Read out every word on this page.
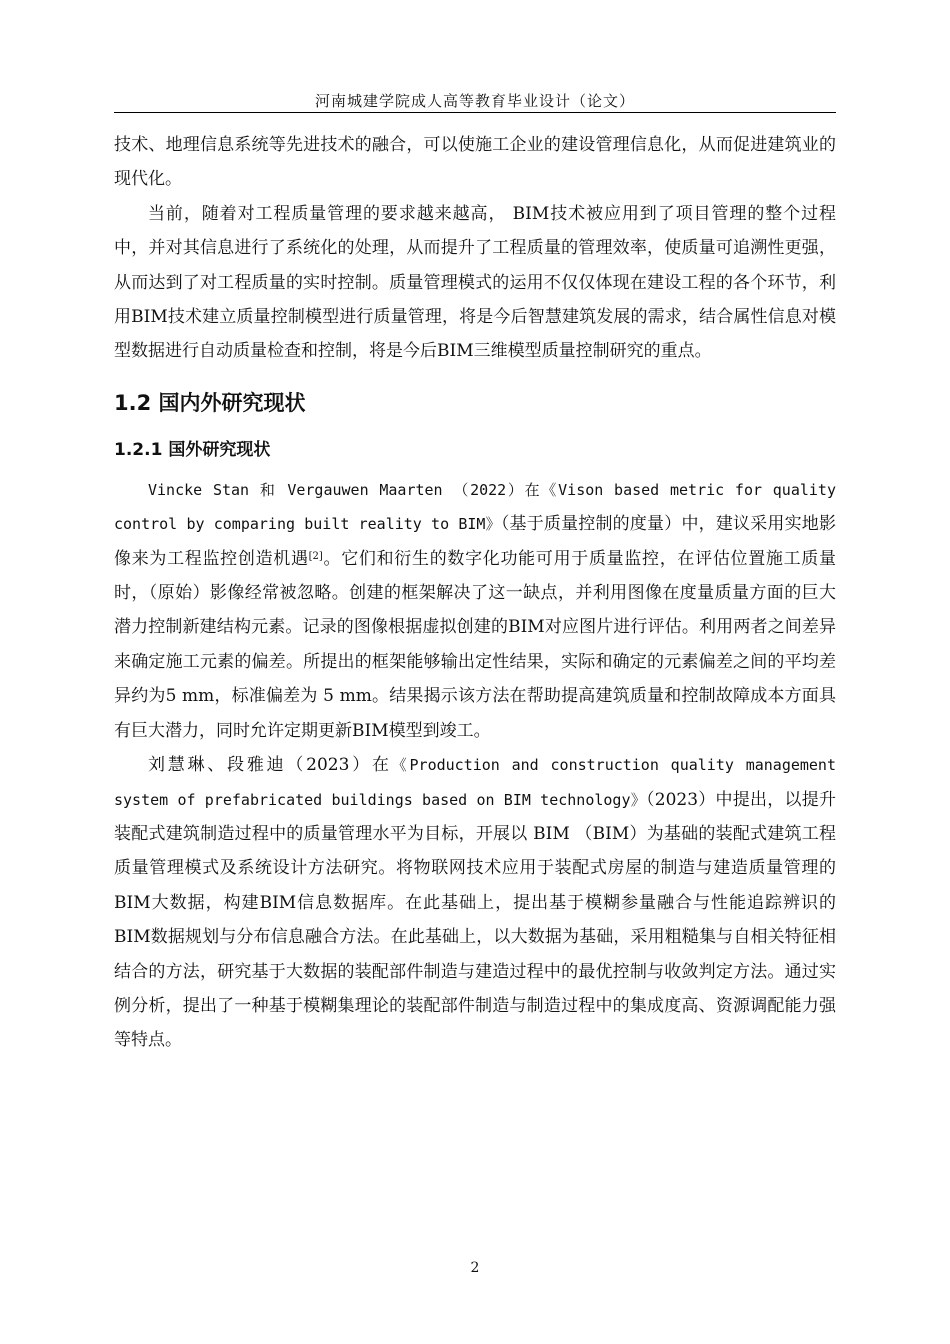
河南城建学院成人高等教育毕业设计（论文）

技术、地理信息系统等先进技术的融合，可以使施工企业的建设管理信息化，从而促进建筑业的现代化。

当前，随着对工程质量管理的要求越来越高， BIM技术被应用到了项目管理的整个过程中，并对其信息进行了系统化的处理，从而提升了工程质量的管理效率，使质量可追溯性更强，从而达到了对工程质量的实时控制。质量管理模式的运用不仅仅体现在建设工程的各个环节，利用BIM技术建立质量控制模型进行质量管理，将是今后智慧建筑发展的需求，结合属性信息对模型数据进行自动质量检查和控制，将是今后BIM三维模型质量控制研究的重点。

1.2 国内外研究现状
1.2.1 国外研究现状

Vincke Stan 和 Vergauwen Maarten （2022）在《Vison based metric for quality control by comparing built reality to BIM》（基于质量控制的度量）中，建议采用实地影像来为工程监控创造机遇[2]。它们和衍生的数字化功能可用于质量监控，在评估位置施工质量时，（原始）影像经常被忽略。创建的框架解决了这一缺点，并利用图像在度量质量方面的巨大潜力控制新建结构元素。记录的图像根据虚拟创建的BIM对应图片进行评估。利用两者之间差异来确定施工元素的偏差。所提出的框架能够输出定性结果，实际和确定的元素偏差之间的平均差异约为5 mm，标准偏差为 5 mm。结果揭示该方法在帮助提高建筑质量和控制故障成本方面具有巨大潜力，同时允许定期更新BIM模型到竣工。

刘慧琳、段雅迪（2023）在《Production and construction quality management system of prefabricated buildings based on BIM technology》（2023）中提出，以提升装配式建筑制造过程中的质量管理水平为目标，开展以 BIM （BIM）为基础的装配式建筑工程质量管理模式及系统设计方法研究。将物联网技术应用于装配式房屋的制造与建造质量管理的BIM大数据，构建BIM信息数据库。在此基础上，提出基于模糊参量融合与性能追踪辨识的 BIM数据规划与分布信息融合方法。在此基础上，以大数据为基础，采用粗糙集与自相关特征相结合的方法，研究基于大数据的装配部件制造与建造过程中的最优控制与收敛判定方法。通过实例分析，提出了一种基于模糊集理论的装配部件制造与制造过程中的集成度高、资源调配能力强等特点。

2
